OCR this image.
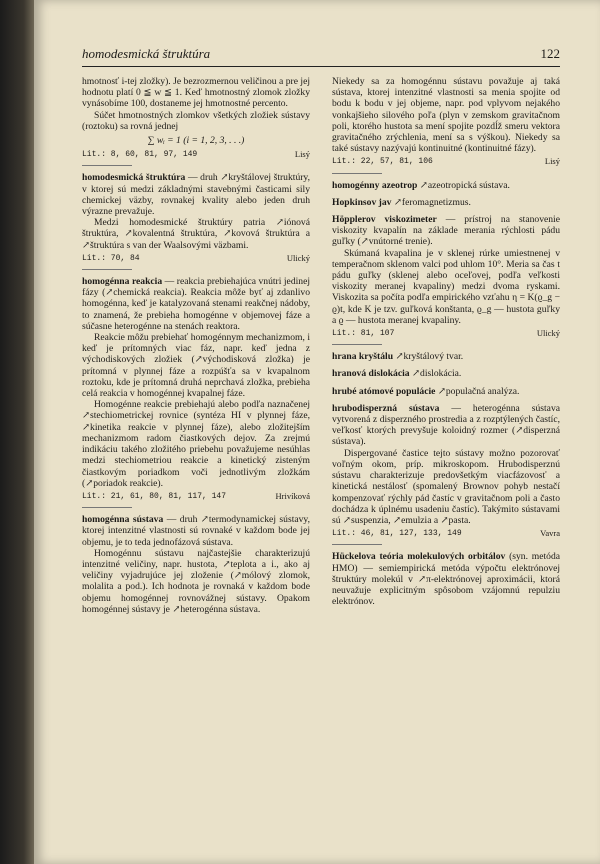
homodesmická štruktúra	122

hmotnosť i-tej zložky). Je bezrozmernou veličinou a pre jej hodnotu platí 0 ≦ w ≦ 1. Keď hmotnostný zlomok zložky vynásobíme 100, dostaneme jej hmotnostné percento.

Súčet hmotnostných zlomkov všetkých zložiek sústavy (roztoku) sa rovná jednej

∑ wᵢ = 1 (i = 1, 2, 3, . . .)
Lit.: 8, 60, 81, 97, 149	Lisý

homodesmická štruktúra — druh ↗kryštálovej štruktúry, v ktorej sú medzi základnými stavebnými časticami sily chemickej väzby, rovnakej kvality alebo jeden druh výrazne prevažuje.

Medzi homodesmické štruktúry patria ↗iónová štruktúra, ↗kovalentná štruktúra, ↗kovová štruktúra a ↗štruktúra s van der Waalsovými väzbami.

Lit.: 70, 84	Ulický

homogénna reakcia — reakcia prebiehajúca vnútri jedinej fázy (↗chemická reakcia). Reakcia môže byť aj zdanlivo homogénna, keď je katalyzovaná stenami reakčnej nádoby, to znamená, že prebieha homogénne v objemovej fáze a súčasne heterogénne na stenách reaktora.

Reakcie môžu prebiehať homogénnym mechanizmom, i keď je prítomných viac fáz, napr. keď jedna z východiskových zložiek (↗východisková zložka) je prítomná v plynnej fáze a rozpúšťa sa v kvapalnom roztoku, kde je prítomná druhá neprchavá zložka, prebieha celá reakcia v homogénnej kvapalnej fáze.

Homogénne reakcie prebiehajú alebo podľa naznačenej ↗stechiometrickej rovnice (syntéza HI v plynnej fáze, ↗kinetika reakcie v plynnej fáze), alebo zložitejším mechanizmom radom čiastkových dejov. Za zrejmú indikáciu takého zložitého priebehu považujeme nesúhlas medzi stechiometriou reakcie a kinetický zisteným čiastkovým poriadkom voči jednotlivým zložkám (↗poriadok reakcie).

Lit.: 21, 61, 80, 81, 117, 147	Hrivíková

homogénna sústava — druh ↗termodynamickej sústavy, ktorej intenzitné vlastnosti sú rovnaké v každom bode jej objemu, je to teda jednofázová sústava.

Homogénnu sústavu najčastejšie charakterizujú intenzitné veličiny, napr. hustota, ↗teplota a i., ako aj veličiny vyjadrujúce jej zloženie (↗mólový zlomok, molalita a pod.). Ich hodnota je rovnaká v každom bode objemu homogénnej rovnovážnej sústavy. Opakom homogénnej sústavy je ↗heterogénna sústava.

Niekedy sa za homogénnu sústavu považuje aj taká sústava, ktorej intenzitné vlastnosti sa menia spojite od bodu k bodu v jej objeme, napr. pod vplyvom nejakého vonkajšieho silového poľa (plyn v zemskom gravitačnom poli, ktorého hustota sa mení spojite pozdĺž smeru vektora gravitačného zrýchlenia, mení sa s výškou). Niekedy sa také sústavy nazývajú kontinuitné (kontinuitné fázy).

Lit.: 22, 57, 81, 106	Lisý

homogénny azeotrop ↗azeotropická sústava.

Hopkinsov jav ↗feromagnetizmus.

Höpplerov viskozimeter — prístroj na stanovenie viskozity kvapalín na základe merania rýchlosti pádu guľky (↗vnútorné trenie).

Skúmaná kvapalina je v sklenej rúrke umiestnenej v temperačnom sklenom valci pod uhlom 10°. Meria sa čas t pádu guľky (sklenej alebo oceľovej, podľa veľkosti viskozity meranej kvapaliny) medzi dvoma ryskami. Viskozita sa počíta podľa empirického vzťahu η = K(ϱ_g − ϱ)t, kde K je tzv. guľková konštanta, ϱ_g — hustota guľky a ϱ — hustota meranej kvapaliny.

Lit.: 81, 107	Ulický

hrana kryštálu ↗kryštálový tvar.

hranová dislokácia ↗dislokácia.

hrubé atómové populácie ↗populačná analýza.

hrubodisperzná sústava — heterogénna sústava vytvorená z disperzného prostredia a z rozptýlených častíc, veľkosť ktorých prevyšuje koloidný rozmer (↗disperzná sústava).

Dispergované častice tejto sústavy možno pozorovať voľným okom, príp. mikroskopom. Hrubodisperznú sústavu charakterizuje predovšetkým viacfázovosť a kinetická nestálosť (spomalený Brownov pohyb nestačí kompenzovať rýchly pád častíc v gravitačnom poli a často dochádza k úplnému usadeniu častíc). Takýmito sústavami sú ↗suspenzia, ↗emulzia a ↗pasta.

Lit.: 46, 81, 127, 133, 149	Vavra

Hückelova teória molekulových orbitálov (syn. metóda HMO) — semiempirická metóda výpočtu elektrónovej štruktúry molekúl v ↗π-elektrónovej aproximácii, ktorá neuvažuje explicitným spôsobom vzájomnú repulziu elektrónov.
